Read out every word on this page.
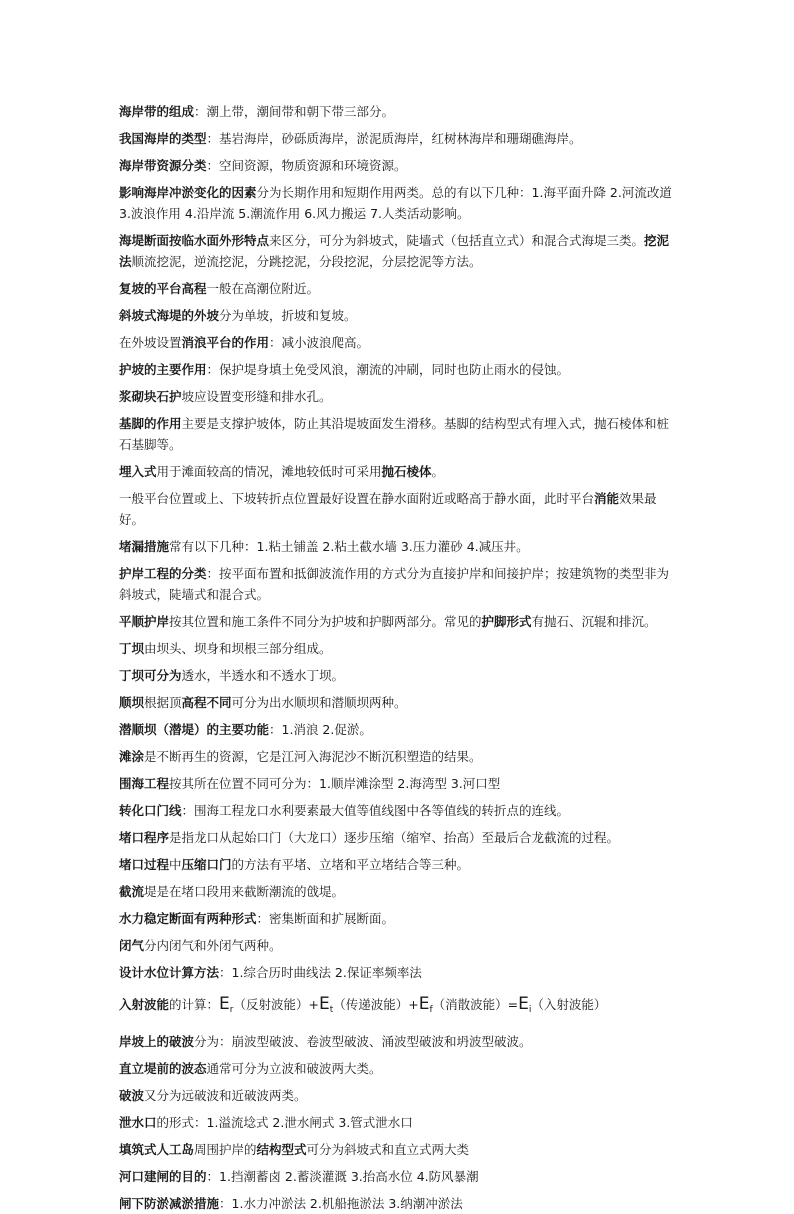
海岸带的组成：潮上带，潮间带和朝下带三部分。

我国海岸的类型：基岩海岸，砂砾质海岸，淤泥质海岸，红树林海岸和珊瑚礁海岸。

海岸带资源分类：空间资源，物质资源和环境资源。

影响海岸冲淤变化的因素分为长期作用和短期作用两类。总的有以下几种：1.海平面升降 2.河流改道 3.波浪作用 4.沿岸流 5.潮流作用 6.风力搬运 7.人类活动影响。

海堤断面按临水面外形特点来区分，可分为斜坡式，陡墙式（包括直立式）和混合式海堤三类。挖泥法顺流挖泥，逆流挖泥，分跳挖泥，分段挖泥，分层挖泥等方法。

复坡的平台高程一般在高潮位附近。

斜坡式海堤的外坡分为单坡，折坡和复坡。

在外坡设置消浪平台的作用：减小波浪爬高。

护坡的主要作用：保护堤身填土免受风浪，潮流的冲刷，同时也防止雨水的侵蚀。

浆砌块石护坡应设置变形缝和排水孔。

基脚的作用主要是支撑护坡体，防止其沿堤坡面发生滑移。基脚的结构型式有埋入式，抛石棱体和桩石基脚等。

埋入式用于滩面较高的情况，滩地较低时可采用抛石棱体。

一般平台位置或上、下坡转折点位置最好设置在静水面附近或略高于静水面，此时平台消能效果最好。

堵漏措施常有以下几种：1.粘土铺盖 2.粘土截水墙 3.压力灌砂 4.减压井。

护岸工程的分类：按平面布置和抵御波流作用的方式分为直接护岸和间接护岸；按建筑物的类型非为斜坡式，陡墙式和混合式。

平顺护岸按其位置和施工条件不同分为护坡和护脚两部分。常见的护脚形式有抛石、沉辊和排沉。

丁坝由坝头、坝身和坝根三部分组成。

丁坝可分为透水，半透水和不透水丁坝。

顺坝根据顶高程不同可分为出水顺坝和潜顺坝两种。

潜顺坝（潜堤）的主要功能：1.消浪 2.促淤。

滩涂是不断再生的资源，它是江河入海泥沙不断沉积塑造的结果。

围海工程按其所在位置不同可分为：1.顺岸滩涂型 2.海湾型 3.河口型

转化口门线：围海工程龙口水利要素最大值等值线图中各等值线的转折点的连线。

堵口程序是指龙口从起始口门（大龙口）逐步压缩（缩窄、抬高）至最后合龙截流的过程。

堵口过程中压缩口门的方法有平堵、立堵和平立堵结合等三种。

截流堤是在堵口段用来截断潮流的戗堤。

水力稳定断面有两种形式：密集断面和扩展断面。

闭气分内闭气和外闭气两种。

设计水位计算方法：1.综合历时曲线法 2.保证率频率法

入射波能的计算：$E_r$（反射波能）$+E_t$（传递波能）$+E_f$（消散波能）$=E_i$（入射波能）

岸坡上的破波分为：崩波型破波、卷波型破波、涌波型破波和坍波型破波。

直立堤前的波态通常可分为立波和破波两大类。

破波又分为远破波和近破波两类。

泄水口的形式：1.溢流埝式 2.泄水闸式 3.管式泄水口

填筑式人工岛周围护岸的结构型式可分为斜坡式和直立式两大类

河口建闸的目的：1.挡潮蓄卤 2.蓄淡灌溉 3.抬高水位 4.防风暴潮

闸下防淤减淤措施：1.水力冲淤法 2.机船拖淤法 3.纳潮冲淤法
